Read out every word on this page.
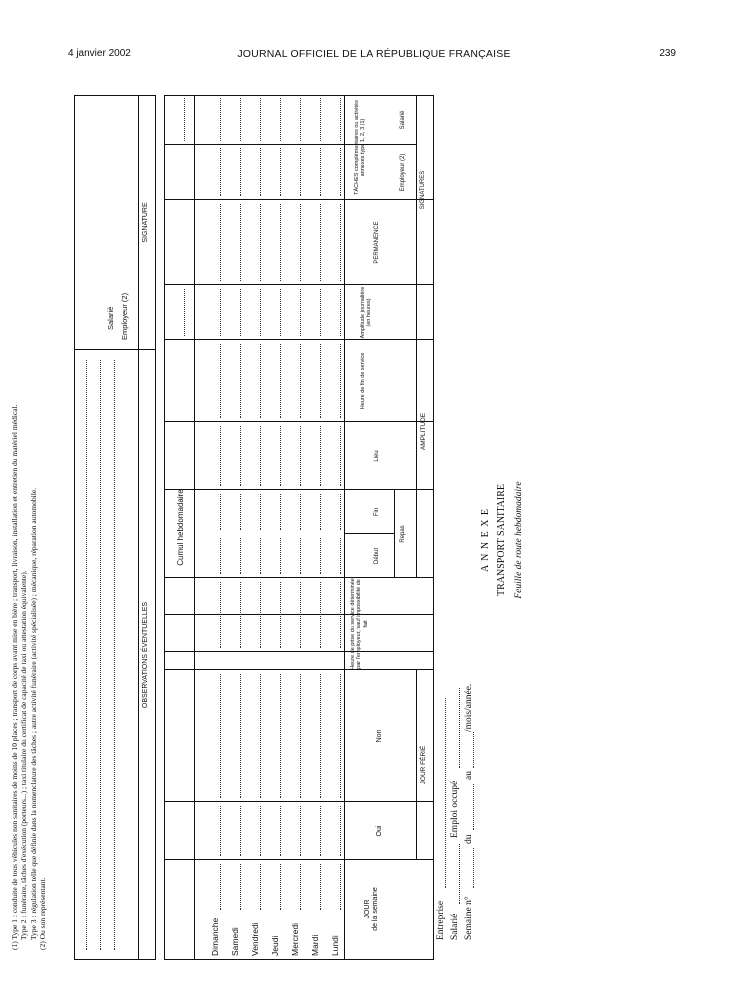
4 janvier 2002	JOURNAL OFFICIEL DE LA RÉPUBLIQUE FRANÇAISE	239
A N N E X E TRANSPORT SANITAIRE Feuille de route hebdomadaire
Entreprise Salarié
Emploi occupé
Semaine n°
du
au
/mois/année.
JOUR
de la semaine
JOUR FÉRIÉ
Oui
Non
AMPLITUDE
Heure de prise du service déterminée par l'employeur, sauf impossibilité de fait
Repas
Début
Fin
Lieu
Heure de fin de service
Amplitude journalière (en heures)
PERMANENCE
TÂCHES complémentaires ou activités annexes type 1, 2, 3 (1)
SIGNATURES
Lundi
Mardi
Mercredi
Jeudi
Vendredi
Samedi
Dimanche
Employeur (2)
Salarié
Cumul hebdomadaire
OBSERVATIONS ÉVENTUELLES
SIGNATURE
Employeur (2)
Salarié
(1) Type 1 : conduite de tous véhicules non sanitaires de moins de 10 places ; transport de corps avant mise en bière ; transport, livraison, installation et entretien du matériel médical. Type 2 : funéraire, tâches d'exécution (porteurs...) ; taxi titulaire du certificat de capacité de taxi ou attestation équivalente). Type 3 : régulation telle que définie dans la nomenclature des tâches ; autre activité funéraire (activité spécialisée) ; mécanique, réparation automobile. (2) Ou son représentant.
